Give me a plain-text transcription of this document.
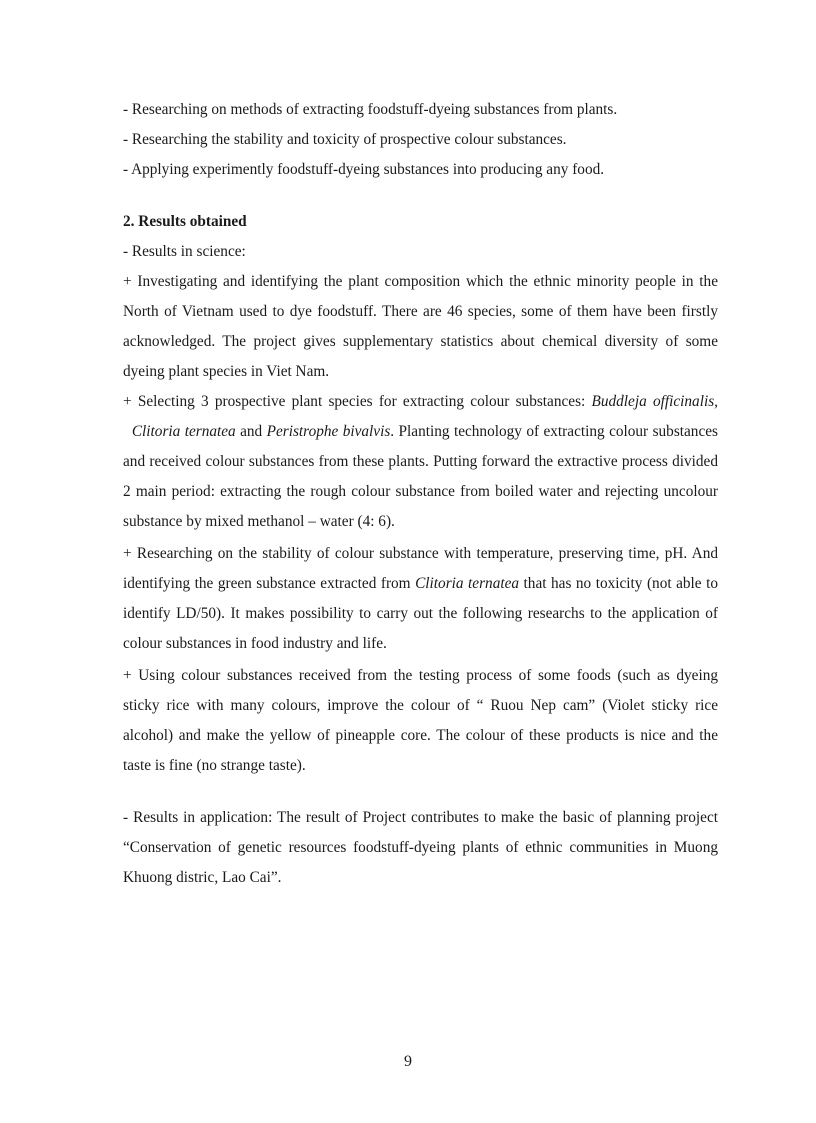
- Researching on methods of extracting foodstuff-dyeing substances from plants.

- Researching the stability and toxicity of prospective colour substances.

- Applying experimently foodstuff-dyeing substances into producing any food.

2. Results obtained

- Results in science:

+ Investigating and identifying the plant composition which the ethnic minority people in the North of Vietnam used to dye foodstuff. There are 46 species, some of them have been firstly acknowledged. The project gives supplementary statistics about chemical diversity of some dyeing plant species in Viet Nam.

+ Selecting 3 prospective plant species for extracting colour substances: Buddleja officinalis,  Clitoria ternatea and Peristrophe bivalvis. Planting technology of extracting colour substances and received colour substances from these plants. Putting forward the extractive process divided 2 main period: extracting the rough colour substance from boiled water and rejecting uncolour substance by mixed methanol – water (4: 6).

+ Researching on the stability of colour substance with temperature, preserving time, pH. And identifying the green substance extracted from Clitoria ternatea that has no toxicity (not able to identify LD/50). It makes possibility to carry out the following researchs to the application of colour substances in food industry and life.

+ Using colour substances received from the testing process of some foods (such as dyeing sticky rice with many colours, improve the colour of “ Ruou Nep cam” (Violet sticky rice alcohol) and make the yellow of pineapple core. The colour of these products is nice and the taste is fine (no strange taste).

- Results in application: The result of Project contributes to make the basic of planning project “Conservation of genetic resources foodstuff-dyeing plants of ethnic communities in Muong Khuong distric, Lao Cai”.

9
